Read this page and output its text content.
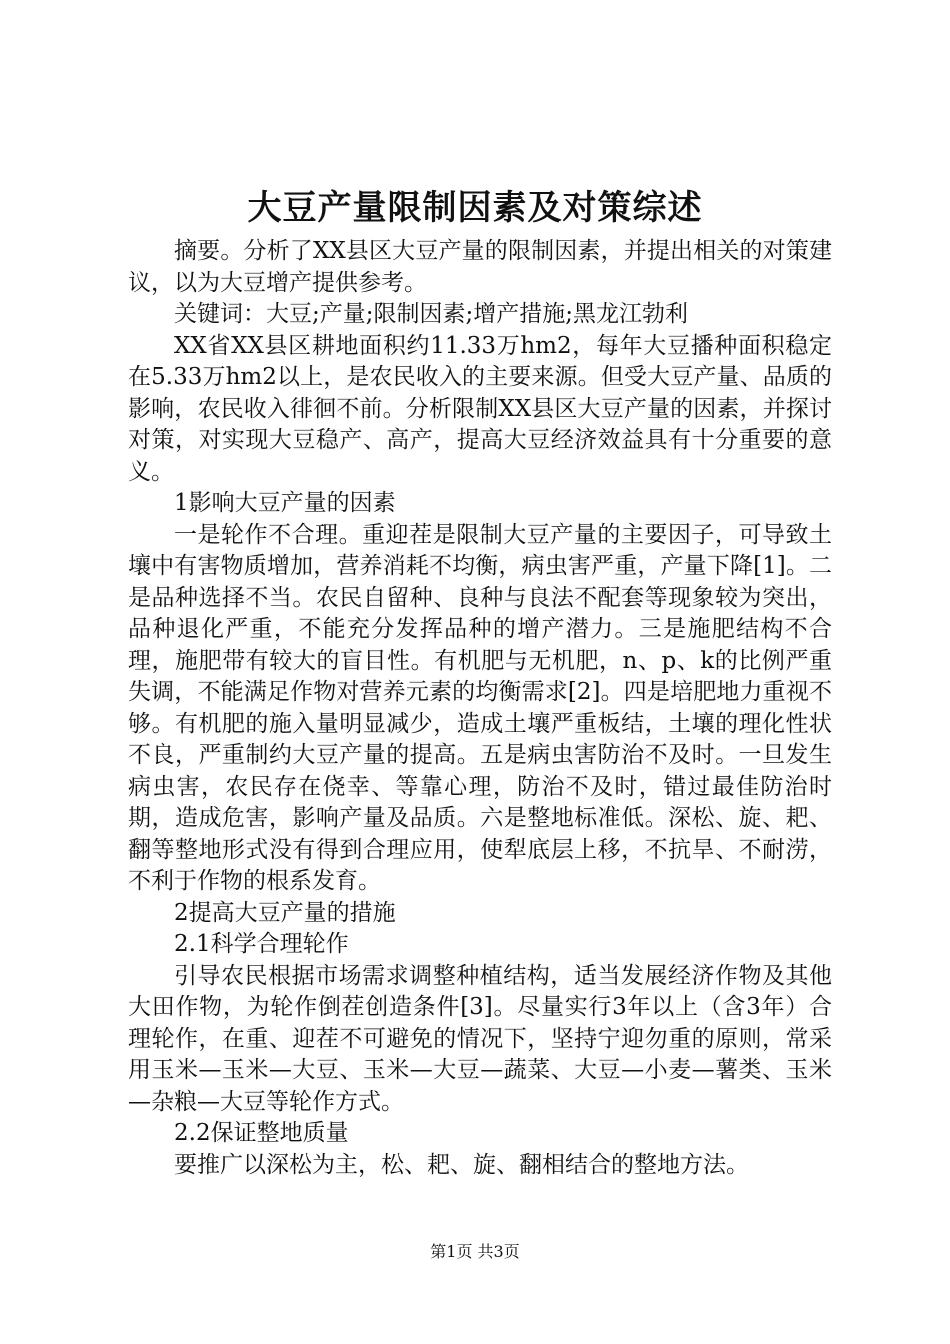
大豆产量限制因素及对策综述

摘要。分析了XX县区大豆产量的限制因素，并提出相关的对策建议，以为大豆增产提供参考。

关键词：大豆;产量;限制因素;增产措施;黑龙江勃利

XX省XX县区耕地面积约11.33万hm2，每年大豆播种面积稳定在5.33万hm2以上，是农民收入的主要来源。但受大豆产量、品质的影响，农民收入徘徊不前。分析限制XX县区大豆产量的因素，并探讨对策，对实现大豆稳产、高产，提高大豆经济效益具有十分重要的意义。

1影响大豆产量的因素

一是轮作不合理。重迎茬是限制大豆产量的主要因子，可导致土壤中有害物质增加，营养消耗不均衡，病虫害严重，产量下降[1]。二是品种选择不当。农民自留种、良种与良法不配套等现象较为突出，品种退化严重，不能充分发挥品种的增产潜力。三是施肥结构不合理，施肥带有较大的盲目性。有机肥与无机肥，n、p、k的比例严重失调，不能满足作物对营养元素的均衡需求[2]。四是培肥地力重视不够。有机肥的施入量明显减少，造成土壤严重板结，土壤的理化性状不良，严重制约大豆产量的提高。五是病虫害防治不及时。一旦发生病虫害，农民存在侥幸、等靠心理，防治不及时，错过最佳防治时期，造成危害，影响产量及品质。六是整地标准低。深松、旋、耙、翻等整地形式没有得到合理应用，使犁底层上移，不抗旱、不耐涝，不利于作物的根系发育。

2提高大豆产量的措施

2.1科学合理轮作

引导农民根据市场需求调整种植结构，适当发展经济作物及其他大田作物，为轮作倒茬创造条件[3]。尽量实行3年以上（含3年）合理轮作，在重、迎茬不可避免的情况下，坚持宁迎勿重的原则，常采用玉米—玉米—大豆、玉米—大豆—蔬菜、大豆—小麦—薯类、玉米—杂粮—大豆等轮作方式。

2.2保证整地质量

要推广以深松为主，松、耙、旋、翻相结合的整地方法。

第1页 共3页
